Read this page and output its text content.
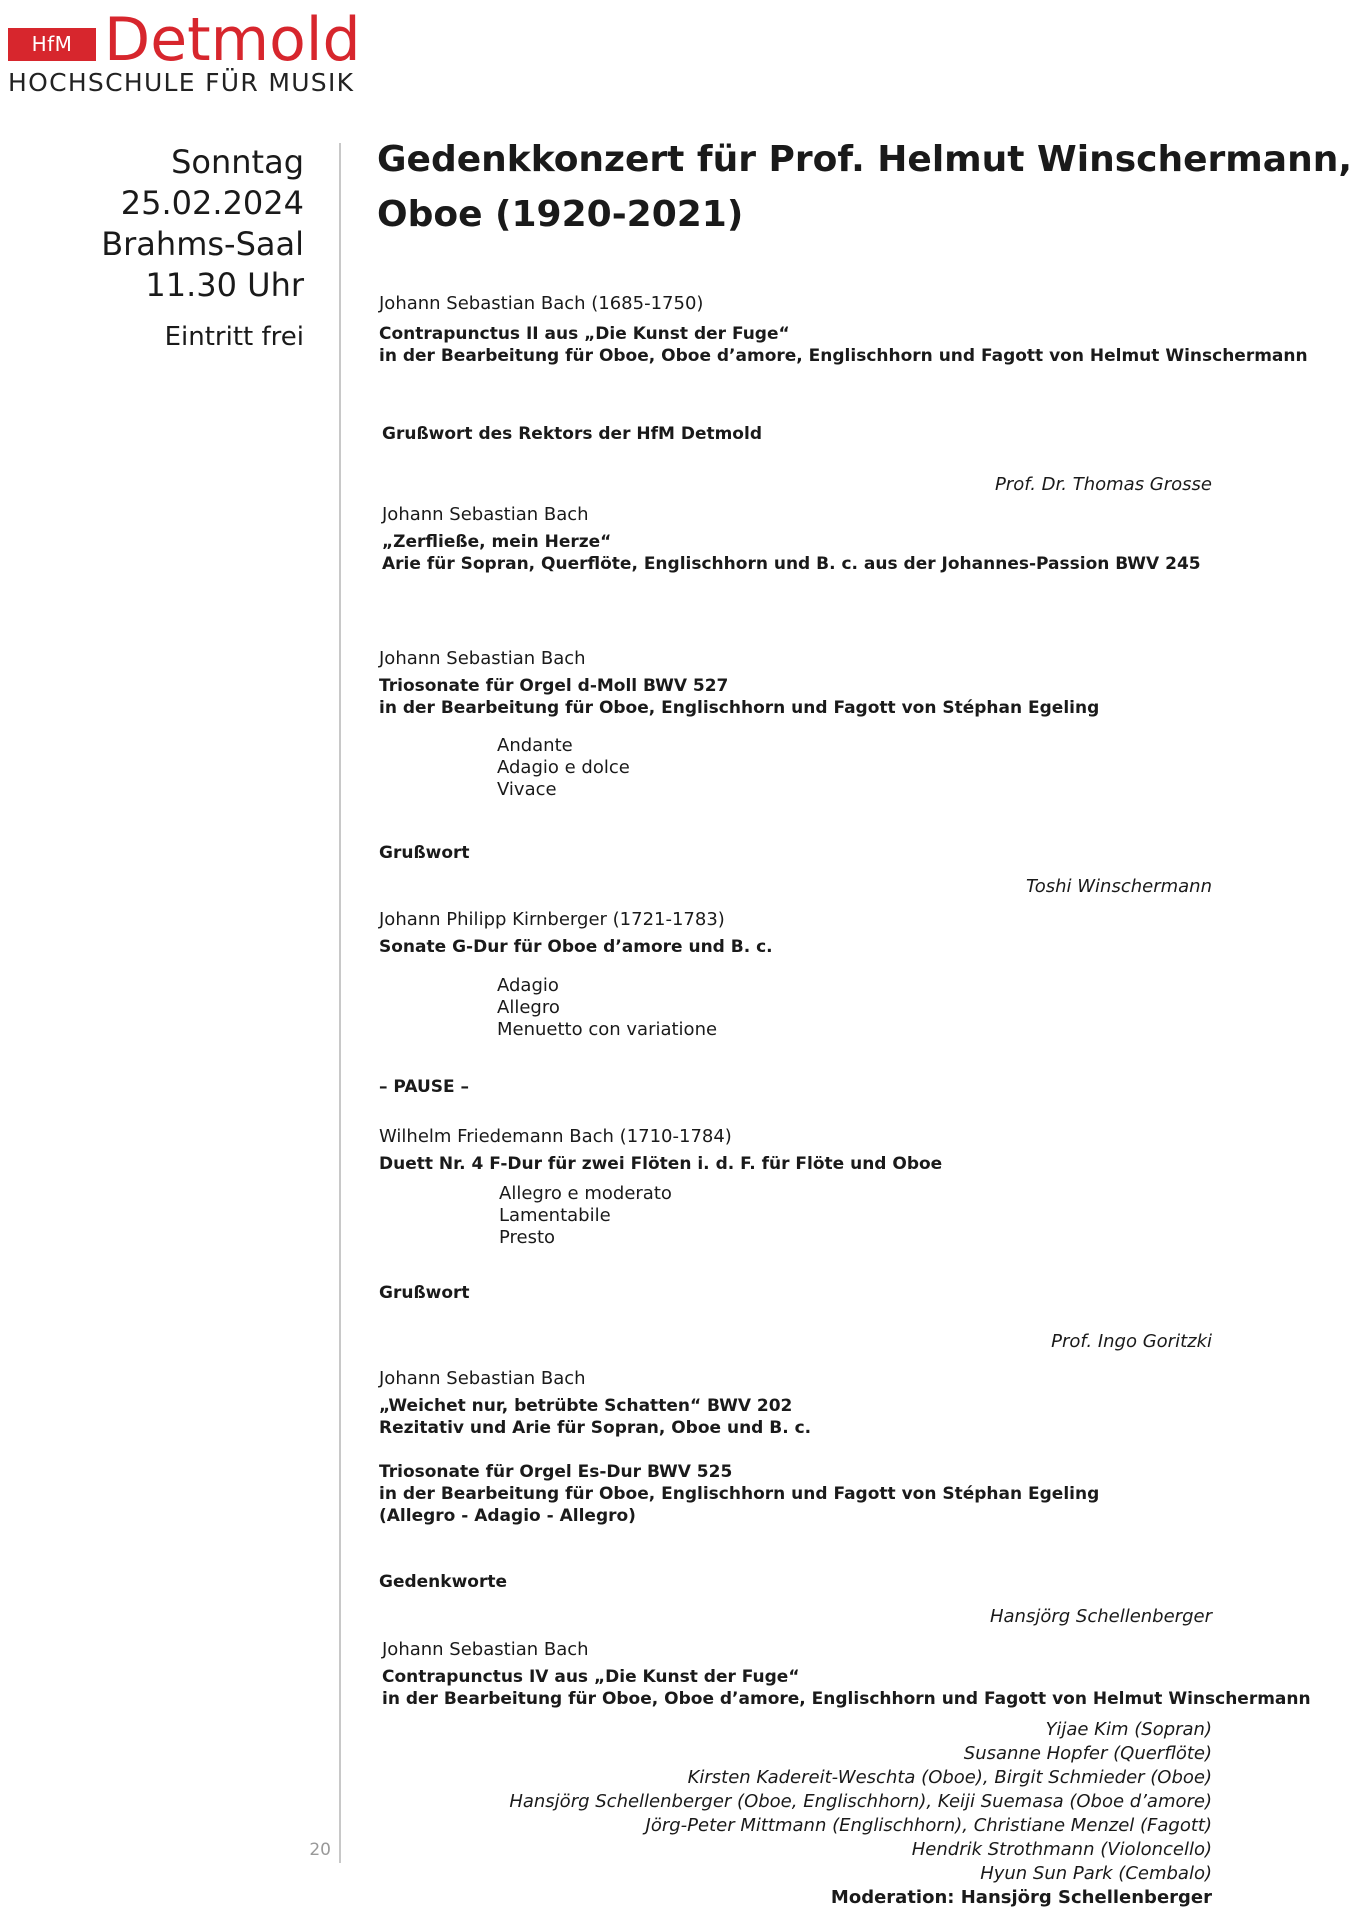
HfM Detmold
HOCHSCHULE FÜR MUSIK
Sonntag
25.02.2024
Brahms-Saal
11.30 Uhr
Eintritt frei
Gedenkkonzert für Prof. Helmut Winschermann,
Oboe (1920-2021)
Johann Sebastian Bach (1685-1750)
Contrapunctus II aus „Die Kunst der Fuge“
in der Bearbeitung für Oboe, Oboe d’amore, Englischhorn und Fagott von Helmut Winschermann
Grußwort des Rektors der HfM Detmold
Prof. Dr. Thomas Grosse
Johann Sebastian Bach
„Zerfließe, mein Herze“
Arie für Sopran, Querflöte, Englischhorn und B. c. aus der Johannes-Passion BWV 245
Johann Sebastian Bach
Triosonate für Orgel d-Moll BWV 527
in der Bearbeitung für Oboe, Englischhorn und Fagott von Stéphan Egeling
Andante
Adagio e dolce
Vivace
Grußwort
Toshi Winschermann
Johann Philipp Kirnberger (1721-1783)
Sonate G-Dur für Oboe d’amore und B. c.
Adagio
Allegro
Menuetto con variatione
– PAUSE –
Wilhelm Friedemann Bach (1710-1784)
Duett Nr. 4 F-Dur für zwei Flöten i. d. F. für Flöte und Oboe
Allegro e moderato
Lamentabile
Presto
Grußwort
Prof. Ingo Goritzki
Johann Sebastian Bach
„Weichet nur, betrübte Schatten“ BWV 202
Rezitativ und Arie für Sopran, Oboe und B. c.
Triosonate für Orgel Es-Dur BWV 525
in der Bearbeitung für Oboe, Englischhorn und Fagott von Stéphan Egeling
(Allegro - Adagio - Allegro)
Gedenkworte
Hansjörg Schellenberger
Johann Sebastian Bach
Contrapunctus IV aus „Die Kunst der Fuge“
in der Bearbeitung für Oboe, Oboe d’amore, Englischhorn und Fagott von Helmut Winschermann
Yijae Kim (Sopran)
Susanne Hopfer (Querflöte)
Kirsten Kadereit-Weschta (Oboe), Birgit Schmieder (Oboe)
Hansjörg Schellenberger (Oboe, Englischhorn), Keiji Suemasa (Oboe d’amore)
Jörg-Peter Mittmann (Englischhorn), Christiane Menzel (Fagott)
Hendrik Strothmann (Violoncello)
Hyun Sun Park (Cembalo)
Moderation: Hansjörg Schellenberger
20
